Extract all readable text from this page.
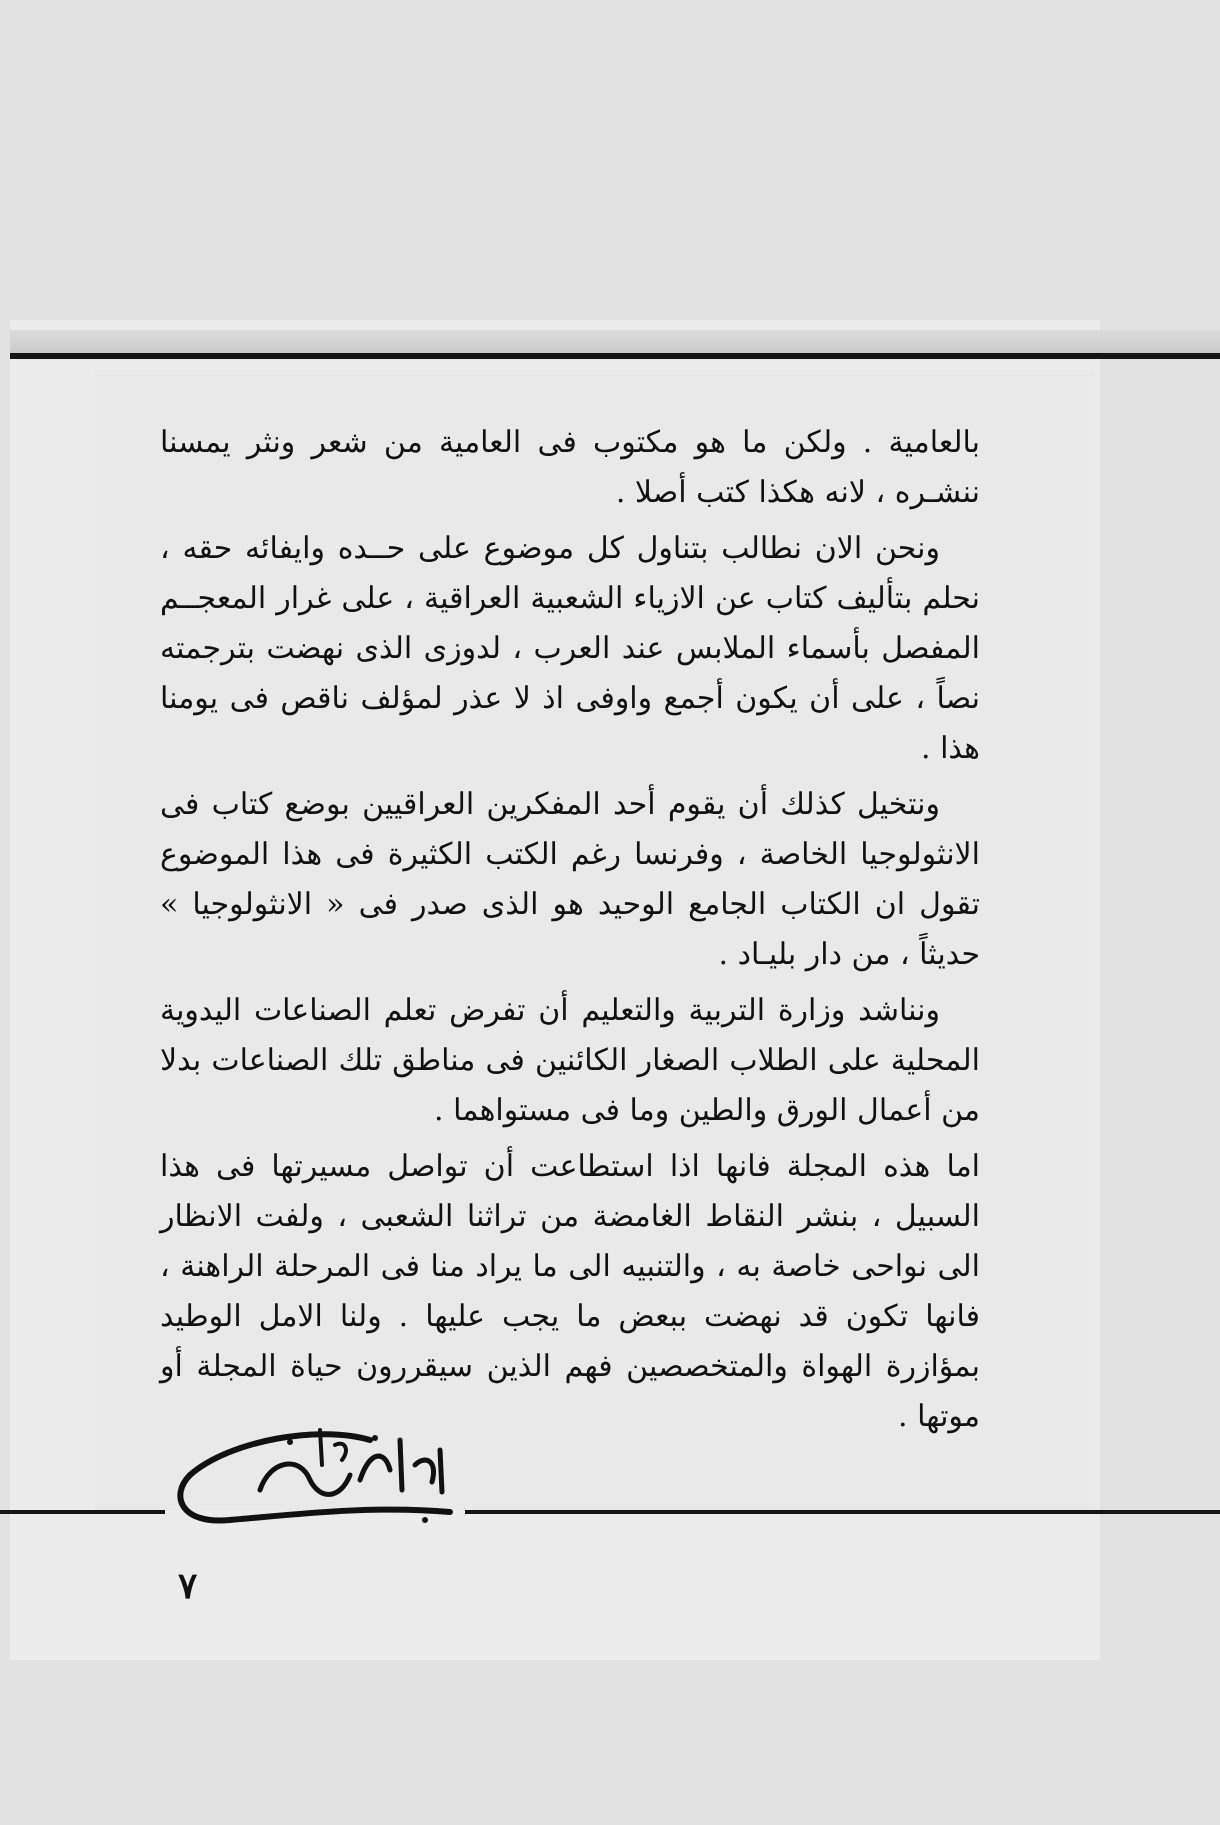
بالعامية . ولكن ما هو مكتوب فى العامية من شعر ونثر يمسنا ننشـره ، لانه هكذا كتب أصلا .

ونحن الان نطالب بتناول كل موضوع على حــده وايفائه حقه ، نحلم بتأليف كتاب عن الازياء الشعبية العراقية ، على غرار المعجــم المفصل بأسماء الملابس عند العرب ، لدوزى الذى نهضت بترجمته نصاً ، على أن يكون أجمع واوفى اذ لا عذر لمؤلف ناقص فى يومنا هذا .

ونتخيل كذلك أن يقوم أحد المفكرين العراقيين بوضع كتاب فى الانثولوجيا الخاصة ، وفرنسا رغم الكتب الكثيرة فى هذا الموضوع تقول ان الكتاب الجامع الوحيد هو الذى صدر فى « الانثولوجيا » حديثاً ، من دار بليـاد .

ونناشد وزارة التربية والتعليم أن تفرض تعلم الصناعات اليدوية المحلية على الطلاب الصغار الكائنين فى مناطق تلك الصناعات بدلا من أعمال الورق والطين وما فى مستواهما .

اما هذه المجلة فانها اذا استطاعت أن تواصل مسيرتها فى هذا السبيل ، بنشر النقاط الغامضة من تراثنا الشعبى ، ولفت الانظار الى نواحى خاصة به ، والتنبيه الى ما يراد منا فى المرحلة الراهنة ، فانها تكون قد نهضت ببعض ما يجب عليها . ولنا الامل الوطيد بمؤازرة الهواة والمتخصصين فهم الذين سيقررون حياة المجلة أو موتها .

٧
